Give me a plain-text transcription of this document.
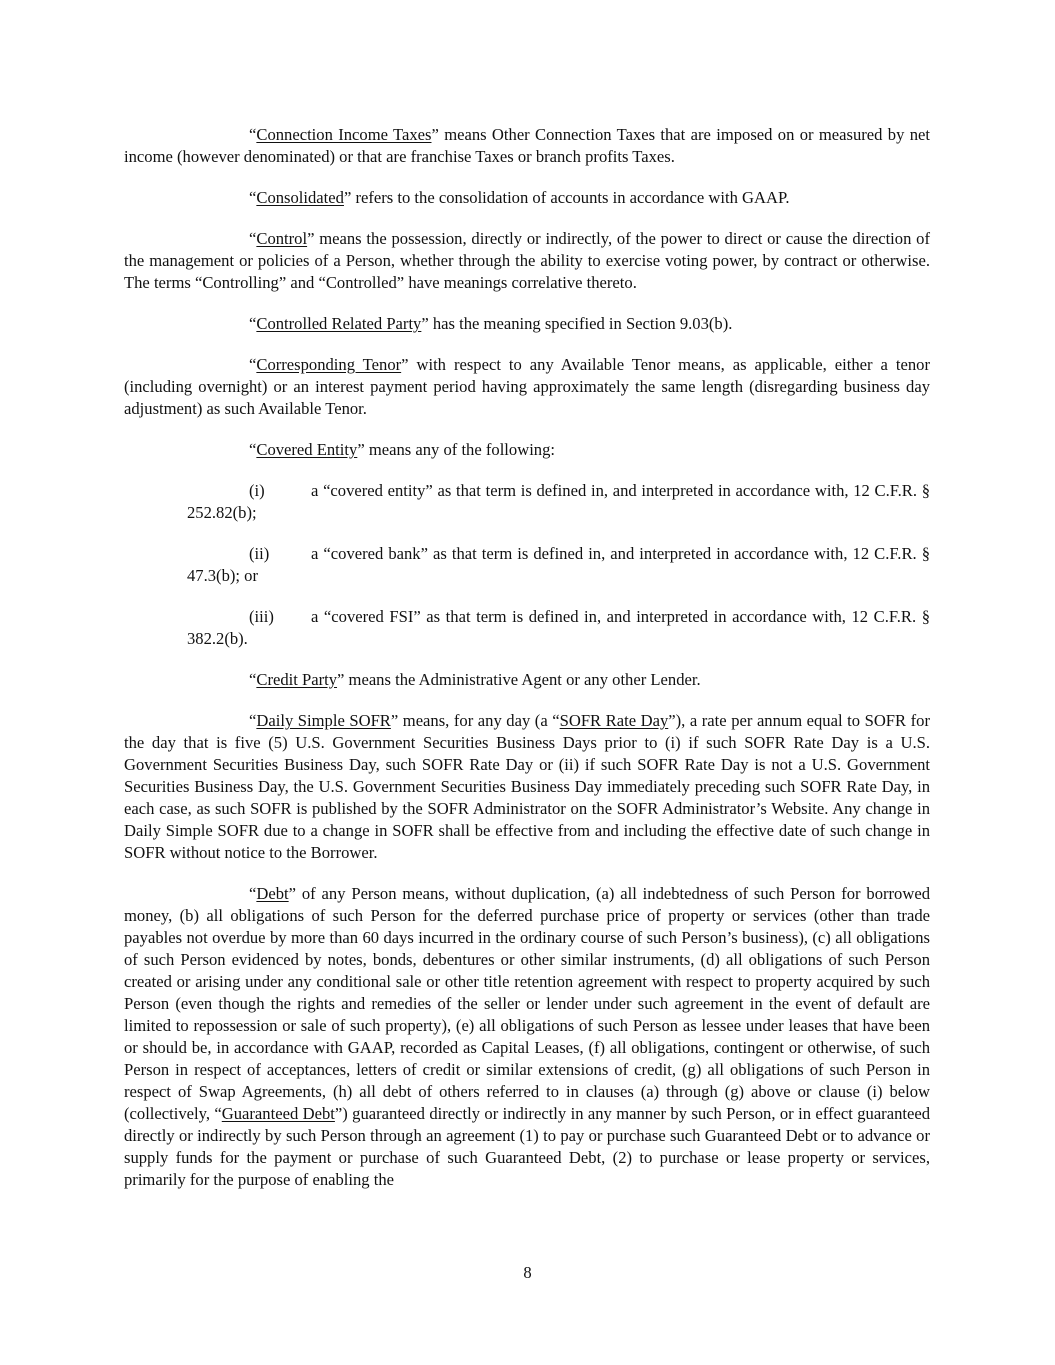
“Connection Income Taxes” means Other Connection Taxes that are imposed on or measured by net income (however denominated) or that are franchise Taxes or branch profits Taxes.

“Consolidated” refers to the consolidation of accounts in accordance with GAAP.

“Control” means the possession, directly or indirectly, of the power to direct or cause the direction of the management or policies of a Person, whether through the ability to exercise voting power, by contract or otherwise. The terms “Controlling” and “Controlled” have meanings correlative thereto.

“Controlled Related Party” has the meaning specified in Section 9.03(b).

“Corresponding Tenor” with respect to any Available Tenor means, as applicable, either a tenor (including overnight) or an interest payment period having approximately the same length (disregarding business day adjustment) as such Available Tenor.

“Covered Entity” means any of the following:

(i)	a “covered entity” as that term is defined in, and interpreted in accordance with, 12 C.F.R. § 252.82(b);

(ii)	a “covered bank” as that term is defined in, and interpreted in accordance with, 12 C.F.R. § 47.3(b); or

(iii) a “covered FSI” as that term is defined in, and interpreted in accordance with, 12 C.F.R. § 382.2(b).

“Credit Party” means the Administrative Agent or any other Lender.

“Daily Simple SOFR” means, for any day (a “SOFR Rate Day”), a rate per annum equal to SOFR for the day that is five (5) U.S. Government Securities Business Days prior to (i) if such SOFR Rate Day is a U.S. Government Securities Business Day, such SOFR Rate Day or (ii) if such SOFR Rate Day is not a U.S. Government Securities Business Day, the U.S. Government Securities Business Day immediately preceding such SOFR Rate Day, in each case, as such SOFR is published by the SOFR Administrator on the SOFR Administrator’s Website. Any change in Daily Simple SOFR due to a change in SOFR shall be effective from and including the effective date of such change in SOFR without notice to the Borrower.

“Debt” of any Person means, without duplication, (a) all indebtedness of such Person for borrowed money, (b) all obligations of such Person for the deferred purchase price of property or services (other than trade payables not overdue by more than 60 days incurred in the ordinary course of such Person’s business), (c) all obligations of such Person evidenced by notes, bonds, debentures or other similar instruments, (d) all obligations of such Person created or arising under any conditional sale or other title retention agreement with respect to property acquired by such Person (even though the rights and remedies of the seller or lender under such agreement in the event of default are limited to repossession or sale of such property), (e) all obligations of such Person as lessee under leases that have been or should be, in accordance with GAAP, recorded as Capital Leases, (f) all obligations, contingent or otherwise, of such Person in respect of acceptances, letters of credit or similar extensions of credit, (g) all obligations of such Person in respect of Swap Agreements, (h) all debt of others referred to in clauses (a) through (g) above or clause (i) below (collectively, “Guaranteed Debt”) guaranteed directly or indirectly in any manner by such Person, or in effect guaranteed directly or indirectly by such Person through an agreement (1) to pay or purchase such Guaranteed Debt or to advance or supply funds for the payment or purchase of such Guaranteed Debt, (2) to purchase or lease property or services, primarily for the purpose of enabling the

8
